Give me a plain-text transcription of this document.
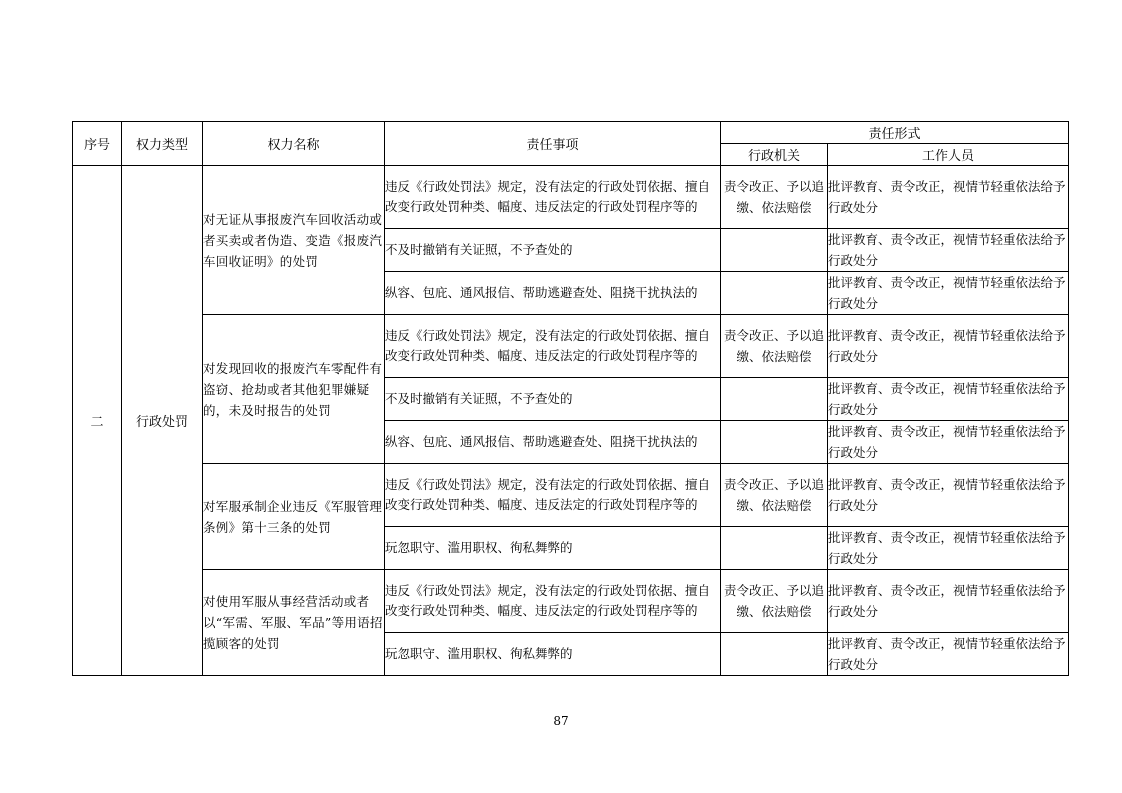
序号	权力类型	权力名称	责任事项	责任形式	
				行政机关	工作人员
二	行政处罚	对无证从事报废汽车回收活动或者买卖或者伪造、变造《报废汽车回收证明》的处罚	违反《行政处罚法》规定，没有法定的行政处罚依据、擅自改变行政处罚种类、幅度、违反法定的行政处罚程序等的	责令改正、予以追缴、依法赔偿	批评教育、责令改正，视情节轻重依法给予行政处分
			不及时撤销有关证照，不予查处的		批评教育、责令改正，视情节轻重依法给予行政处分
			纵容、包庇、通风报信、帮助逃避查处、阻挠干扰执法的		批评教育、责令改正，视情节轻重依法给予行政处分
		对发现回收的报废汽车零配件有盗窃、抢劫或者其他犯罪嫌疑的，未及时报告的处罚	违反《行政处罚法》规定，没有法定的行政处罚依据、擅自改变行政处罚种类、幅度、违反法定的行政处罚程序等的	责令改正、予以追缴、依法赔偿	批评教育、责令改正，视情节轻重依法给予行政处分
			不及时撤销有关证照，不予查处的		批评教育、责令改正，视情节轻重依法给予行政处分
			纵容、包庇、通风报信、帮助逃避查处、阻挠干扰执法的		批评教育、责令改正，视情节轻重依法给予行政处分
		对军服承制企业违反《军服管理条例》第十三条的处罚	违反《行政处罚法》规定，没有法定的行政处罚依据、擅自改变行政处罚种类、幅度、违反法定的行政处罚程序等的	责令改正、予以追缴、依法赔偿	批评教育、责令改正，视情节轻重依法给予行政处分
			玩忽职守、滥用职权、徇私舞弊的		批评教育、责令改正，视情节轻重依法给予行政处分
		对使用军服从事经营活动或者以“军需、军服、军品”等用语招揽顾客的处罚	违反《行政处罚法》规定，没有法定的行政处罚依据、擅自改变行政处罚种类、幅度、违反法定的行政处罚程序等的	责令改正、予以追缴、依法赔偿	批评教育、责令改正，视情节轻重依法给予行政处分
			玩忽职守、滥用职权、徇私舞弊的		批评教育、责令改正，视情节轻重依法给予行政处分
87
